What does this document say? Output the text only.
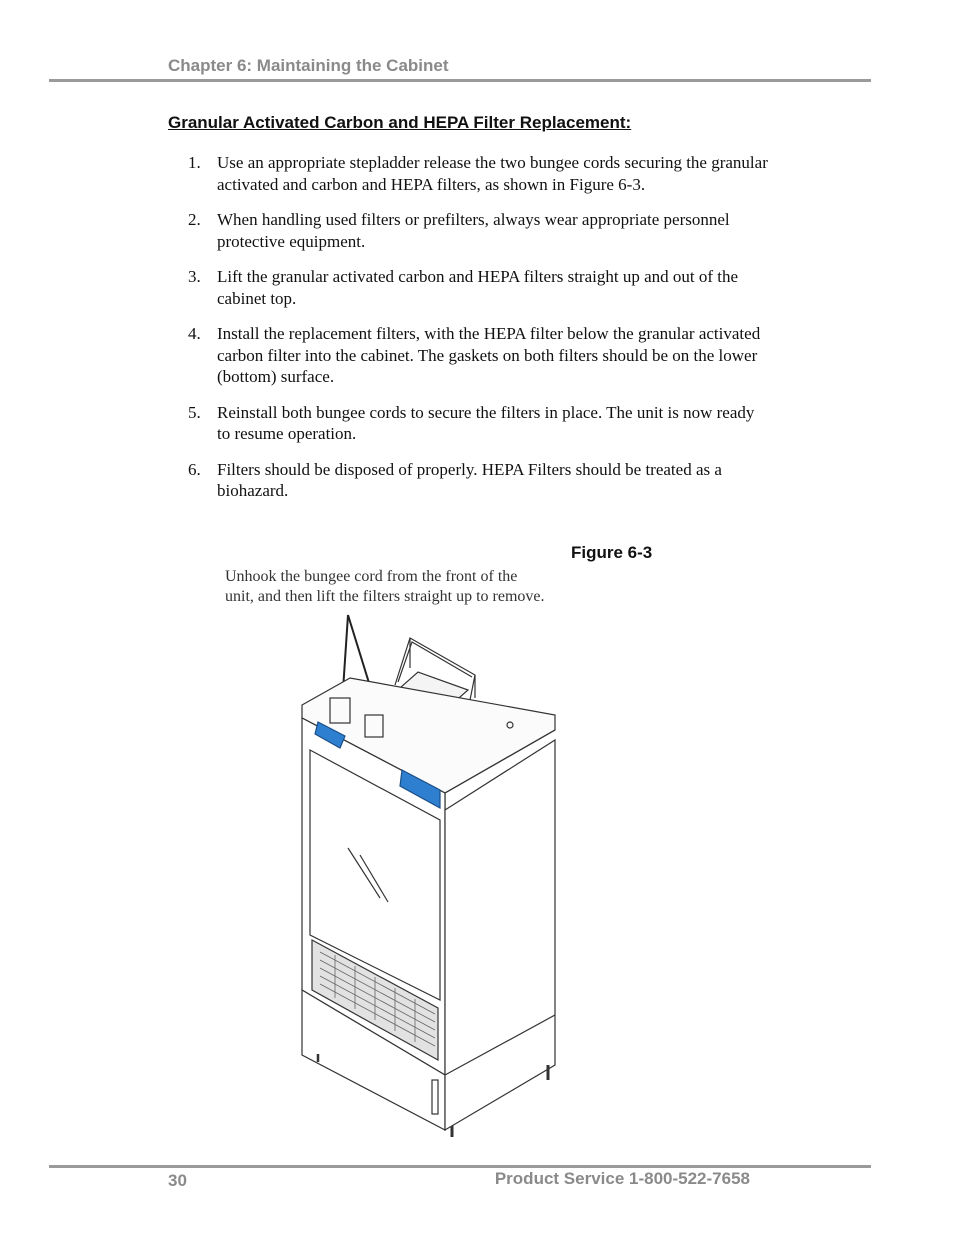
Chapter 6: Maintaining the Cabinet
Granular Activated Carbon and HEPA Filter Replacement:
1. Use an appropriate stepladder release the two bungee cords securing the granular activated and carbon and HEPA filters, as shown in Figure 6-3.
2. When handling used filters or prefilters, always wear appropriate personnel protective equipment.
3. Lift the granular activated carbon and HEPA filters straight up and out of the cabinet top.
4. Install the replacement filters, with the HEPA filter below the granular activated carbon filter into the cabinet. The gaskets on both filters should be on the lower (bottom) surface.
5. Reinstall both bungee cords to secure the filters in place. The unit is now ready to resume operation.
6. Filters should be disposed of properly. HEPA Filters should be treated as a biohazard.
Figure 6-3
Unhook the bungee cord from the front of the
unit, and then lift the filters straight up to remove.
30	Product Service 1-800-522-7658
